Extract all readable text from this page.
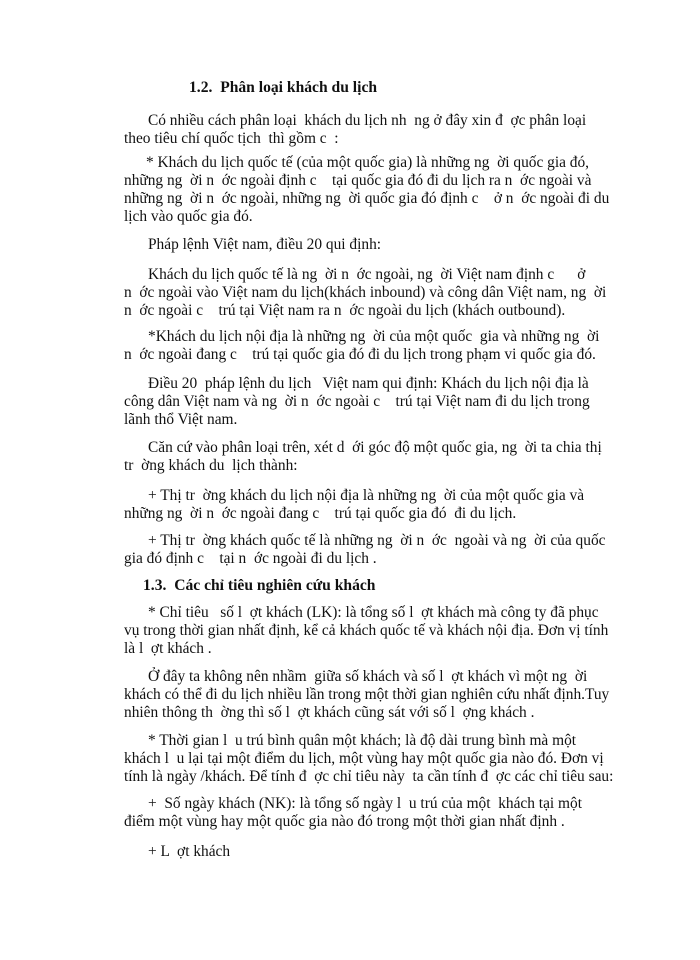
1.2.  Phân loại khách du lịch

Có nhiều cách phân loại  khách du lịch nh  ng ở đây xin đ  ợc phân loại

theo tiêu chí quốc tịch  thì gồm c  :

* Khách du lịch quốc tế (của một quốc gia) là những ng  ời quốc gia đó,

những ng  ời n  ớc ngoài định c    tại quốc gia đó đi du lịch ra n  ớc ngoài và

những ng  ời n  ớc ngoài, những ng  ời quốc gia đó định c    ở n  ớc ngoài đi du

lịch vào quốc gia đó.

Pháp lệnh Việt nam, điều 20 qui định:

Khách du lịch quốc tế là ng  ời n  ớc ngoài, ng  ời Việt nam định c      ở

n  ớc ngoài vào Việt nam du lịch(khách inbound) và công dân Việt nam, ng  ời

n  ớc ngoài c    trú tại Việt nam ra n  ớc ngoài du lịch (khách outbound).

*Khách du lịch nội địa là những ng  ời của một quốc  gia và những ng  ời

n  ớc ngoài đang c    trú tại quốc gia đó đi du lịch trong phạm vi quốc gia đó.

Điều 20  pháp lệnh du lịch   Việt nam qui định: Khách du lịch nội địa là

công dân Việt nam và ng  ời n  ớc ngoài c    trú tại Việt nam đi du lịch trong

lãnh thổ Việt nam.

Căn cứ vào phân loại trên, xét d  ới góc độ một quốc gia, ng  ời ta chia thị

tr  ờng khách du  lịch thành:

+ Thị tr  ờng khách du lịch nội địa là những ng  ời của một quốc gia và

những ng  ời n  ớc ngoài đang c    trú tại quốc gia đó  đi du lịch.

+ Thị tr  ờng khách quốc tế là những ng  ời n  ớc  ngoài và ng  ời của quốc

gia đó định c    tại n  ớc ngoài đi du lịch .

1.3.  Các chỉ tiêu nghiên cứu khách

* Chỉ tiêu   số l  ợt khách (LK): là tổng số l  ợt khách mà công ty đã phục

vụ trong thời gian nhất định, kể cả khách quốc tế và khách nội địa. Đơn vị tính

là l  ợt khách .

Ở đây ta không nên nhầm  giữa số khách và số l  ợt khách vì một ng  ời

khách có thể đi du lịch nhiều lần trong một thời gian nghiên cứu nhất định.Tuy

nhiên thông th  ờng thì số l  ợt khách cũng sát với số l  ợng khách .

* Thời gian l  u trú bình quân một khách; là độ dài trung bình mà một

khách l  u lại tại một điểm du lịch, một vùng hay một quốc gia nào đó. Đơn vị

tính là ngày /khách. Để tính đ  ợc chỉ tiêu này  ta cần tính đ  ợc các chỉ tiêu sau:

+  Số ngày khách (NK): là tổng số ngày l  u trú của một  khách tại một

điểm một vùng hay một quốc gia nào đó trong một thời gian nhất định .

+ L  ợt khách
